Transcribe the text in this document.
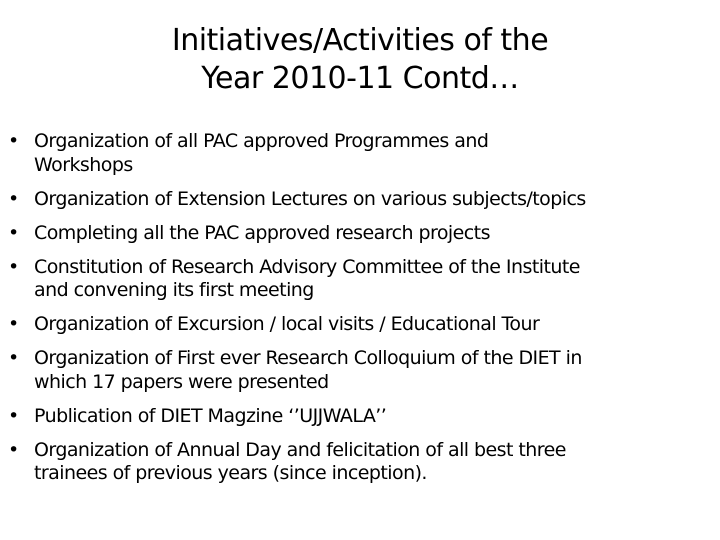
Initiatives/Activities of the
Year 2010-11 Contd…
• Organization of all PAC approved Programmes and
Workshops
• Organization of Extension Lectures on various subjects/topics
• Completing all the PAC approved research projects
• Constitution of Research Advisory Committee of the Institute
and convening its first meeting
• Organization of Excursion / local visits / Educational Tour
• Organization of First ever Research Colloquium of the DIET in
which 17 papers were presented
• Publication of DIET Magzine ‘’UJJWALA’’
• Organization of Annual Day and felicitation of all best three
trainees of previous years (since inception).
